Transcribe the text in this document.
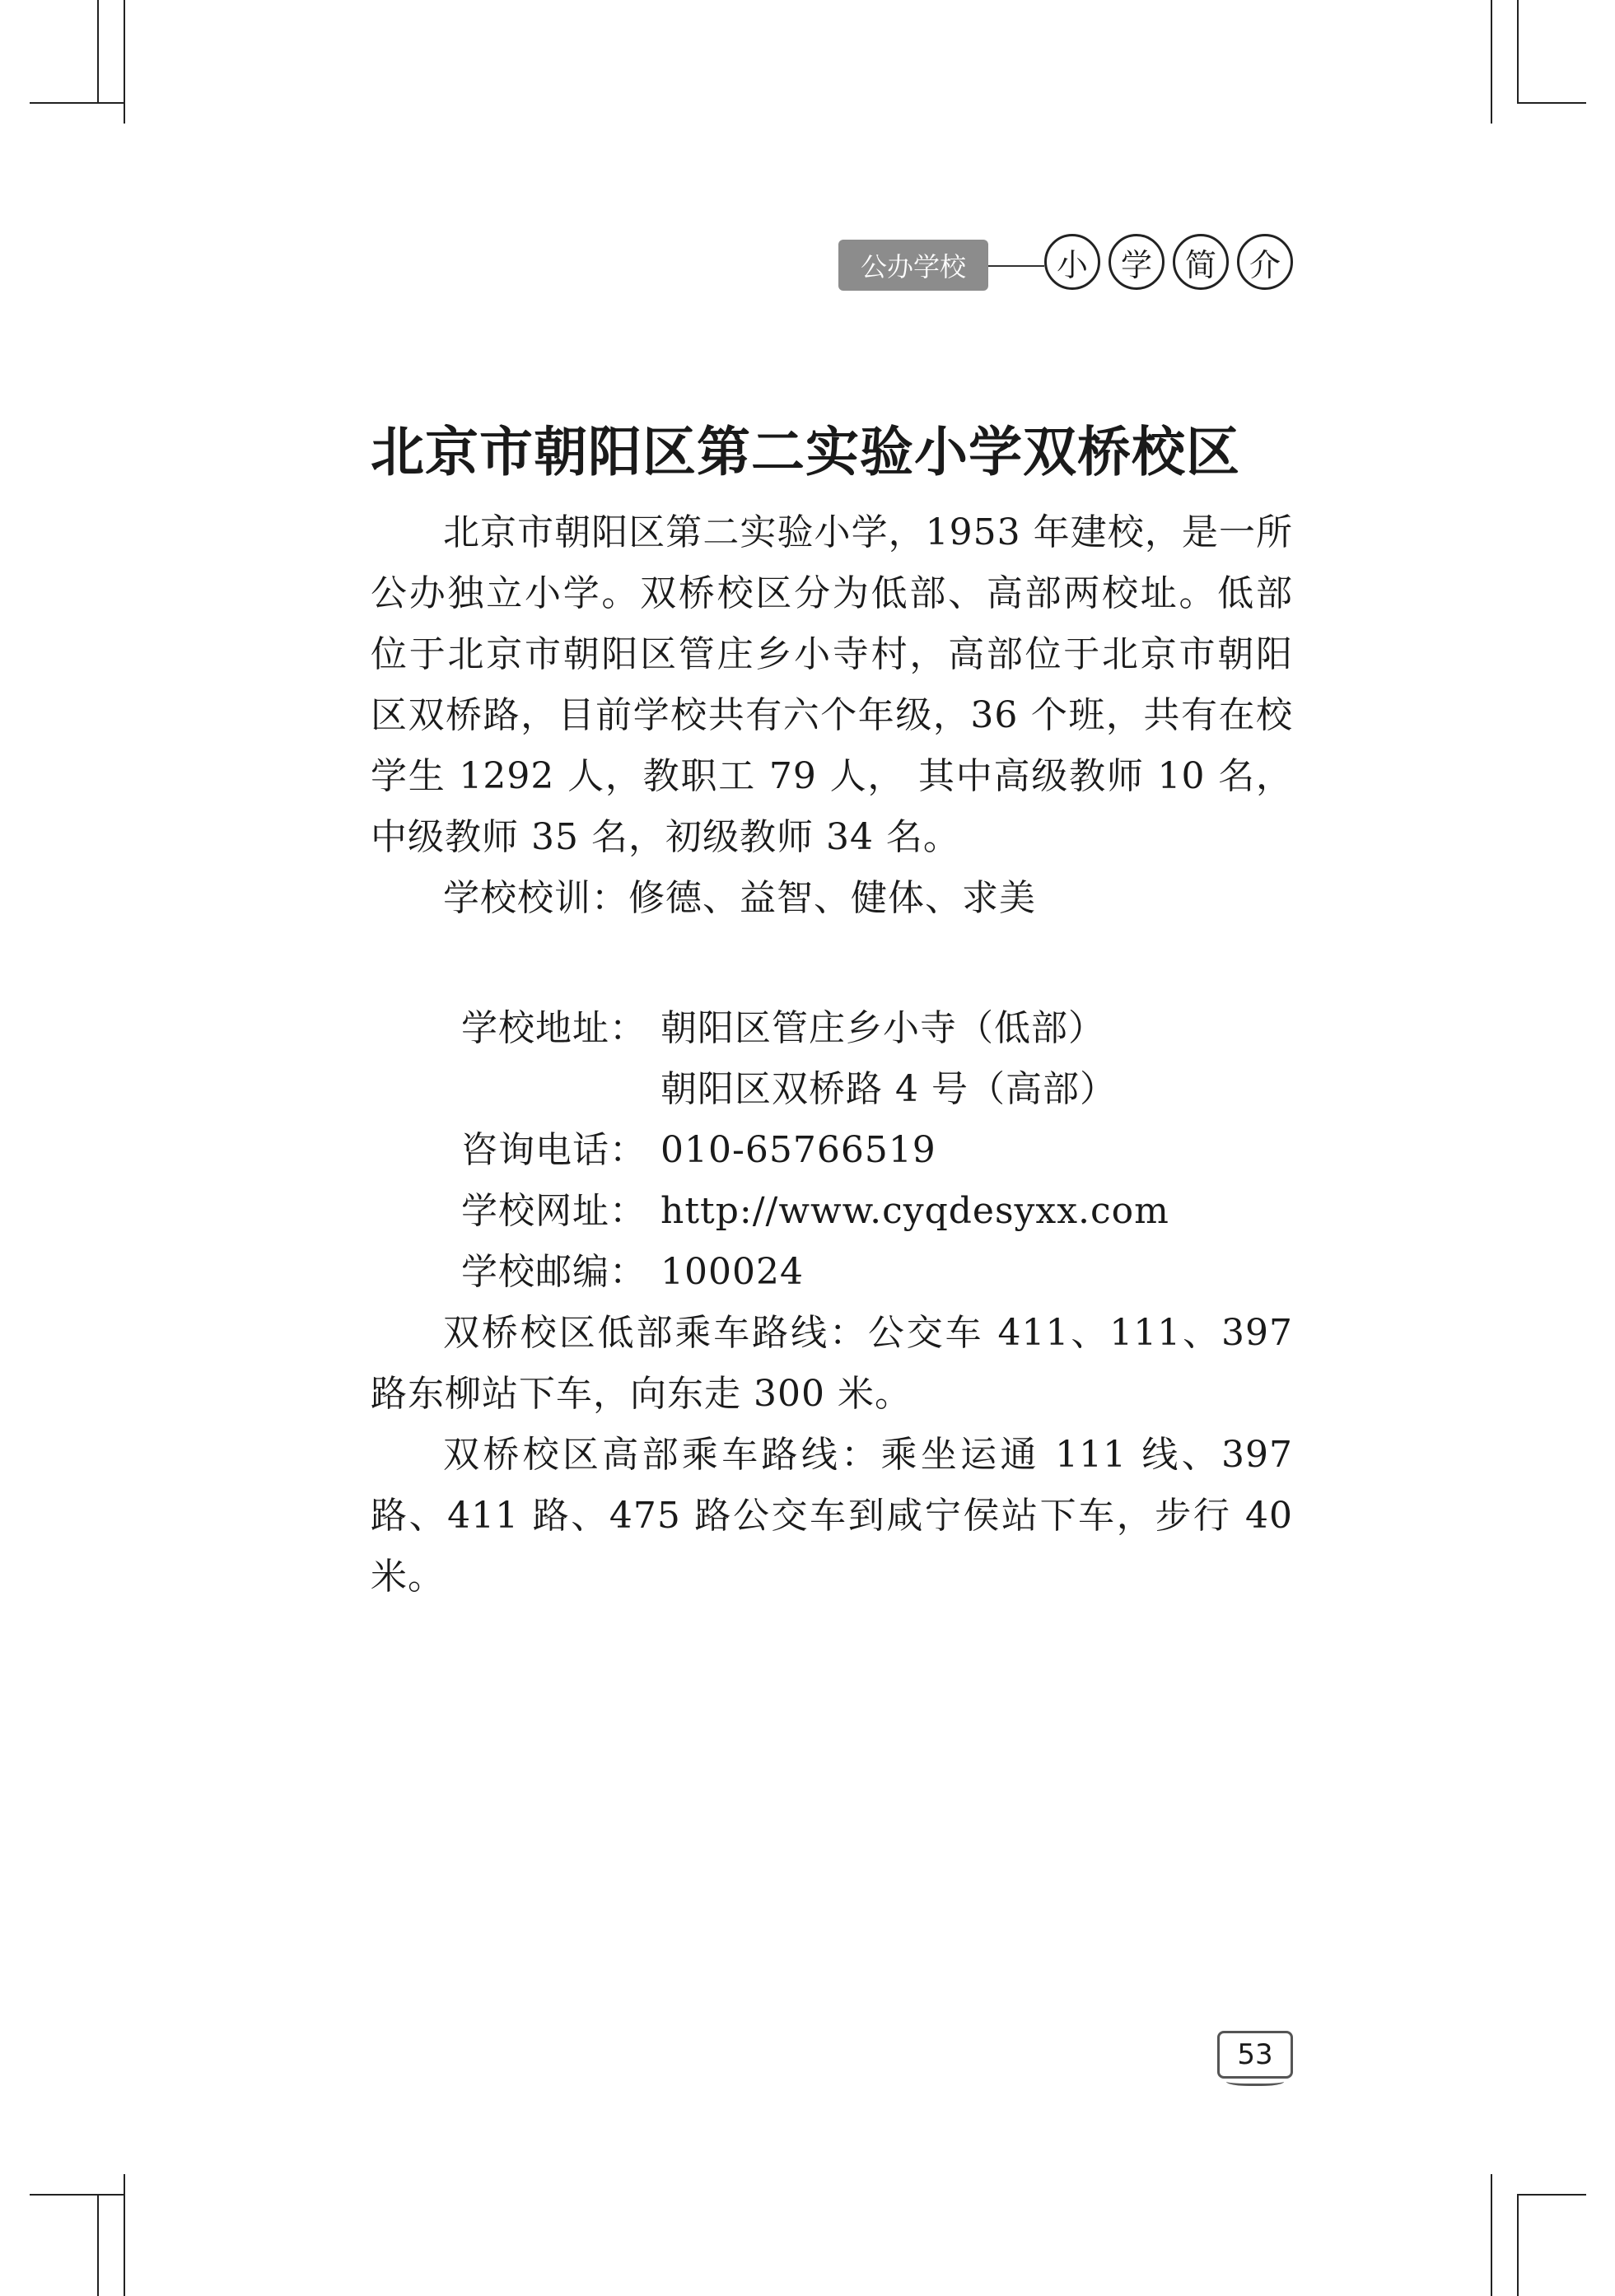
公办学校	小	学	简	介
北京市朝阳区第二实验小学双桥校区

北京市朝阳区第二实验小学，1953 年建校，是一所公办独立小学。双桥校区分为低部、高部两校址。低部位于北京市朝阳区管庄乡小寺村，高部位于北京市朝阳区双桥路，目前学校共有六个年级，36 个班，共有在校学生 1292 人，教职工 79 人， 其中高级教师 10 名，中级教师 35 名，初级教师 34 名。

学校校训：修德、益智、健体、求美

学校地址： 朝阳区管庄乡小寺（低部）
朝阳区双桥路 4 号（高部）
咨询电话： 010-65766519
学校网址： http://www.cyqdesyxx.com
学校邮编： 100024

双桥校区低部乘车路线：公交车 411、111、397 路东柳站下车，向东走 300 米。

双桥校区高部乘车路线：乘坐运通 111 线、397 路、411 路、475 路公交车到咸宁侯站下车，步行 40 米。

53
